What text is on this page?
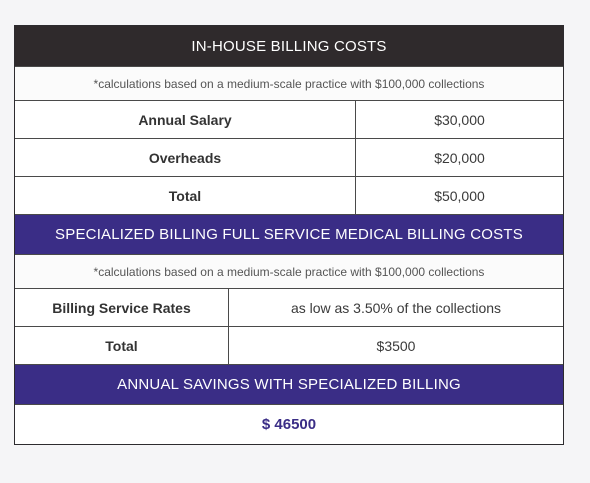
IN-HOUSE BILLING COSTS
*calculations based on a medium-scale practice with $100,000 collections
Annual Salary	$30,000
Overheads	$20,000
Total	$50,000
SPECIALIZED BILLING FULL SERVICE MEDICAL BILLING COSTS
*calculations based on a medium-scale practice with $100,000 collections
Billing Service Rates	as low as 3.50% of the collections
Total	$3500
ANNUAL SAVINGS WITH SPECIALIZED BILLING
$ 46500
